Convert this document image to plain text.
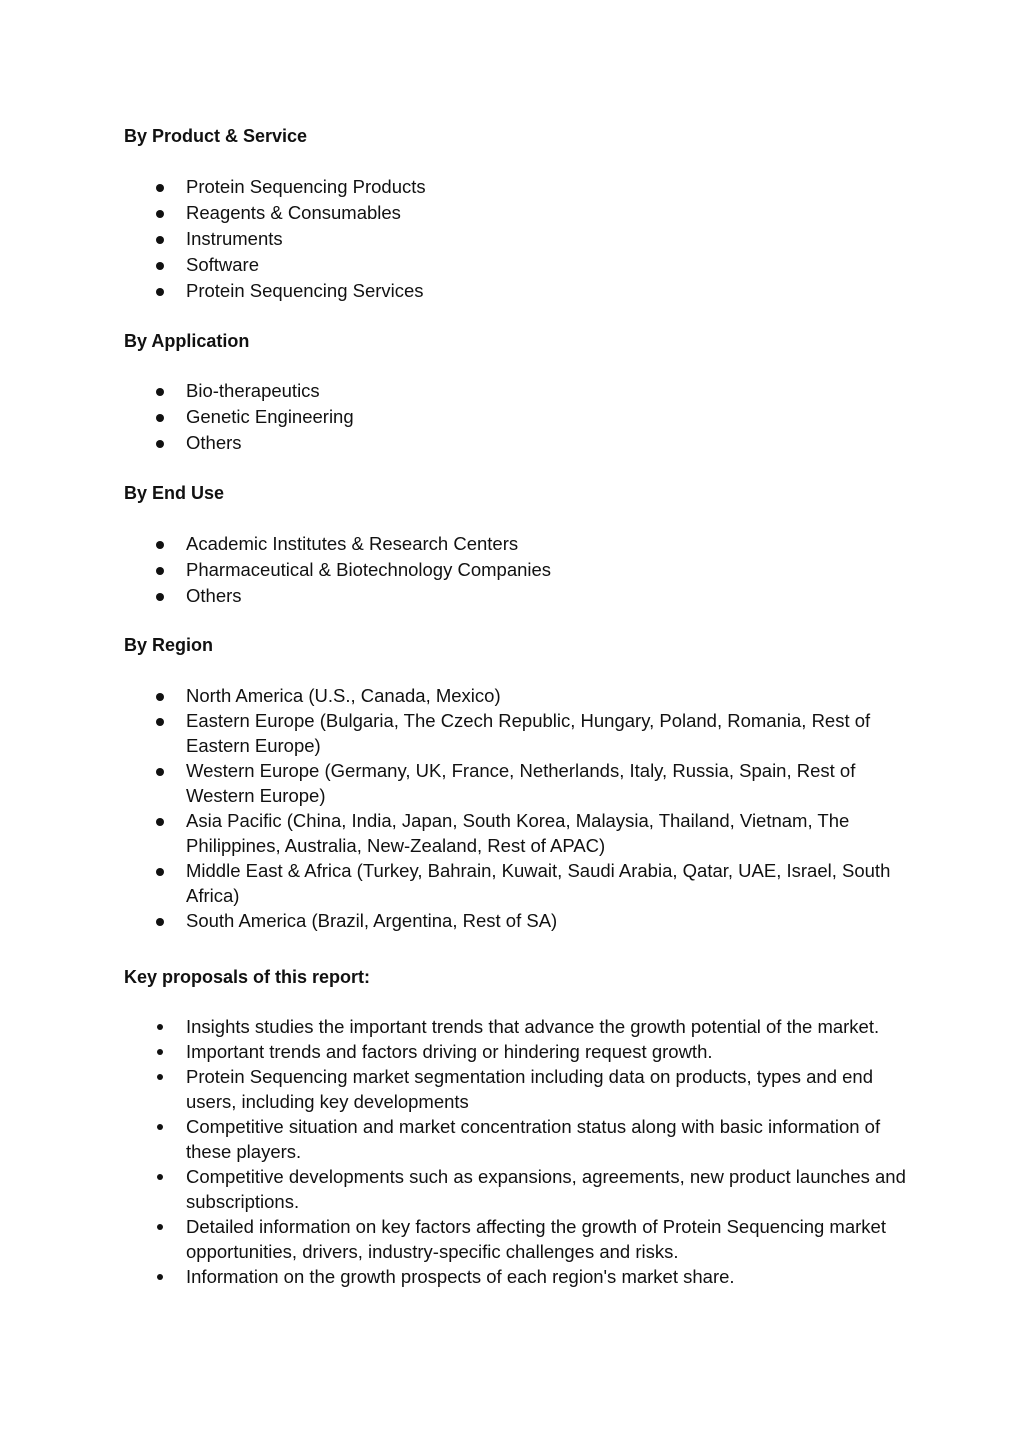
By Product & Service
Protein Sequencing Products
Reagents & Consumables
Instruments
Software
Protein Sequencing Services
By Application
Bio-therapeutics
Genetic Engineering
Others
By End Use
Academic Institutes & Research Centers
Pharmaceutical & Biotechnology Companies
Others
By Region
North America (U.S., Canada, Mexico)
Eastern Europe (Bulgaria, The Czech Republic, Hungary, Poland, Romania, Rest of Eastern Europe)
Western Europe (Germany, UK, France, Netherlands, Italy, Russia, Spain, Rest of Western Europe)
Asia Pacific (China, India, Japan, South Korea, Malaysia, Thailand, Vietnam, The Philippines, Australia, New-Zealand, Rest of APAC)
Middle East & Africa (Turkey, Bahrain, Kuwait, Saudi Arabia, Qatar, UAE, Israel, South Africa)
South America (Brazil, Argentina, Rest of SA)
Key proposals of this report:
Insights studies the important trends that advance the growth potential of the market.
Important trends and factors driving or hindering request growth.
Protein Sequencing market segmentation including data on products, types and end users, including key developments
Competitive situation and market concentration status along with basic information of these players.
Competitive developments such as expansions, agreements, new product launches and subscriptions.
Detailed information on key factors affecting the growth of Protein Sequencing market opportunities, drivers, industry-specific challenges and risks.
Information on the growth prospects of each region's market share.
